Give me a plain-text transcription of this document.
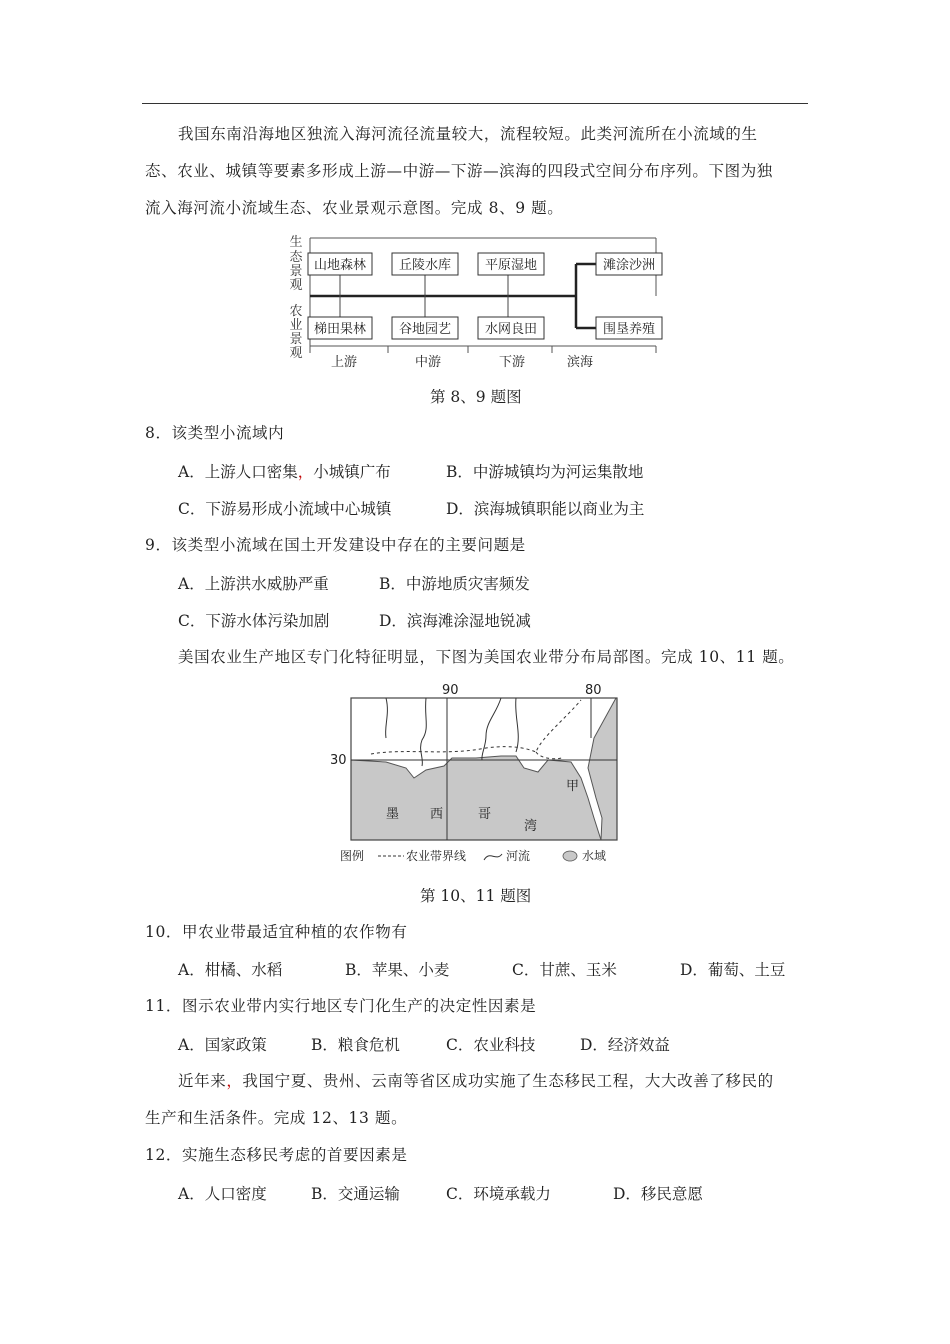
我国东南沿海地区独流入海河流径流量较大，流程较短。此类河流所在小流域的生
态、农业、城镇等要素多形成上游—中游—下游—滨海的四段式空间分布序列。下图为独
流入海河流小流域生态、农业景观示意图。完成 8、9 题。
生
态
景
观
农
业
景
观
山地森林	丘陵水库	平原湿地	滩涂沙洲
梯田果林	谷地园艺	水网良田	围垦养殖
上游	中游	下游	滨海
第 8、9 题图
8．该类型小流域内
A．上游人口密集，小城镇广布	B．中游城镇均为河运集散地
C．下游易形成小流域中心城镇	D．滨海城镇职能以商业为主
9．该类型小流域在国土开发建设中存在的主要问题是
A．上游洪水威胁严重	B．中游地质灾害频发
C．下游水体污染加剧	D．滨海滩涂湿地锐减
美国农业生产地区专门化特征明显，下图为美国农业带分布局部图。完成 10、11 题。
90	80
30
甲
墨 西	哥
湾
图例	农业带界线	河流	水域
第 10、11 题图
10．甲农业带最适宜种植的农作物有
A．柑橘、水稻	B．苹果、小麦	C．甘蔗、玉米	D．葡萄、土豆
11．图示农业带内实行地区专门化生产的决定性因素是
A．国家政策	B．粮食危机	C．农业科技	D．经济效益
近年来，我国宁夏、贵州、云南等省区成功实施了生态移民工程，大大改善了移民的
生产和生活条件。完成 12、13 题。
12．实施生态移民考虑的首要因素是
A．人口密度	B．交通运输	C．环境承载力	D．移民意愿
